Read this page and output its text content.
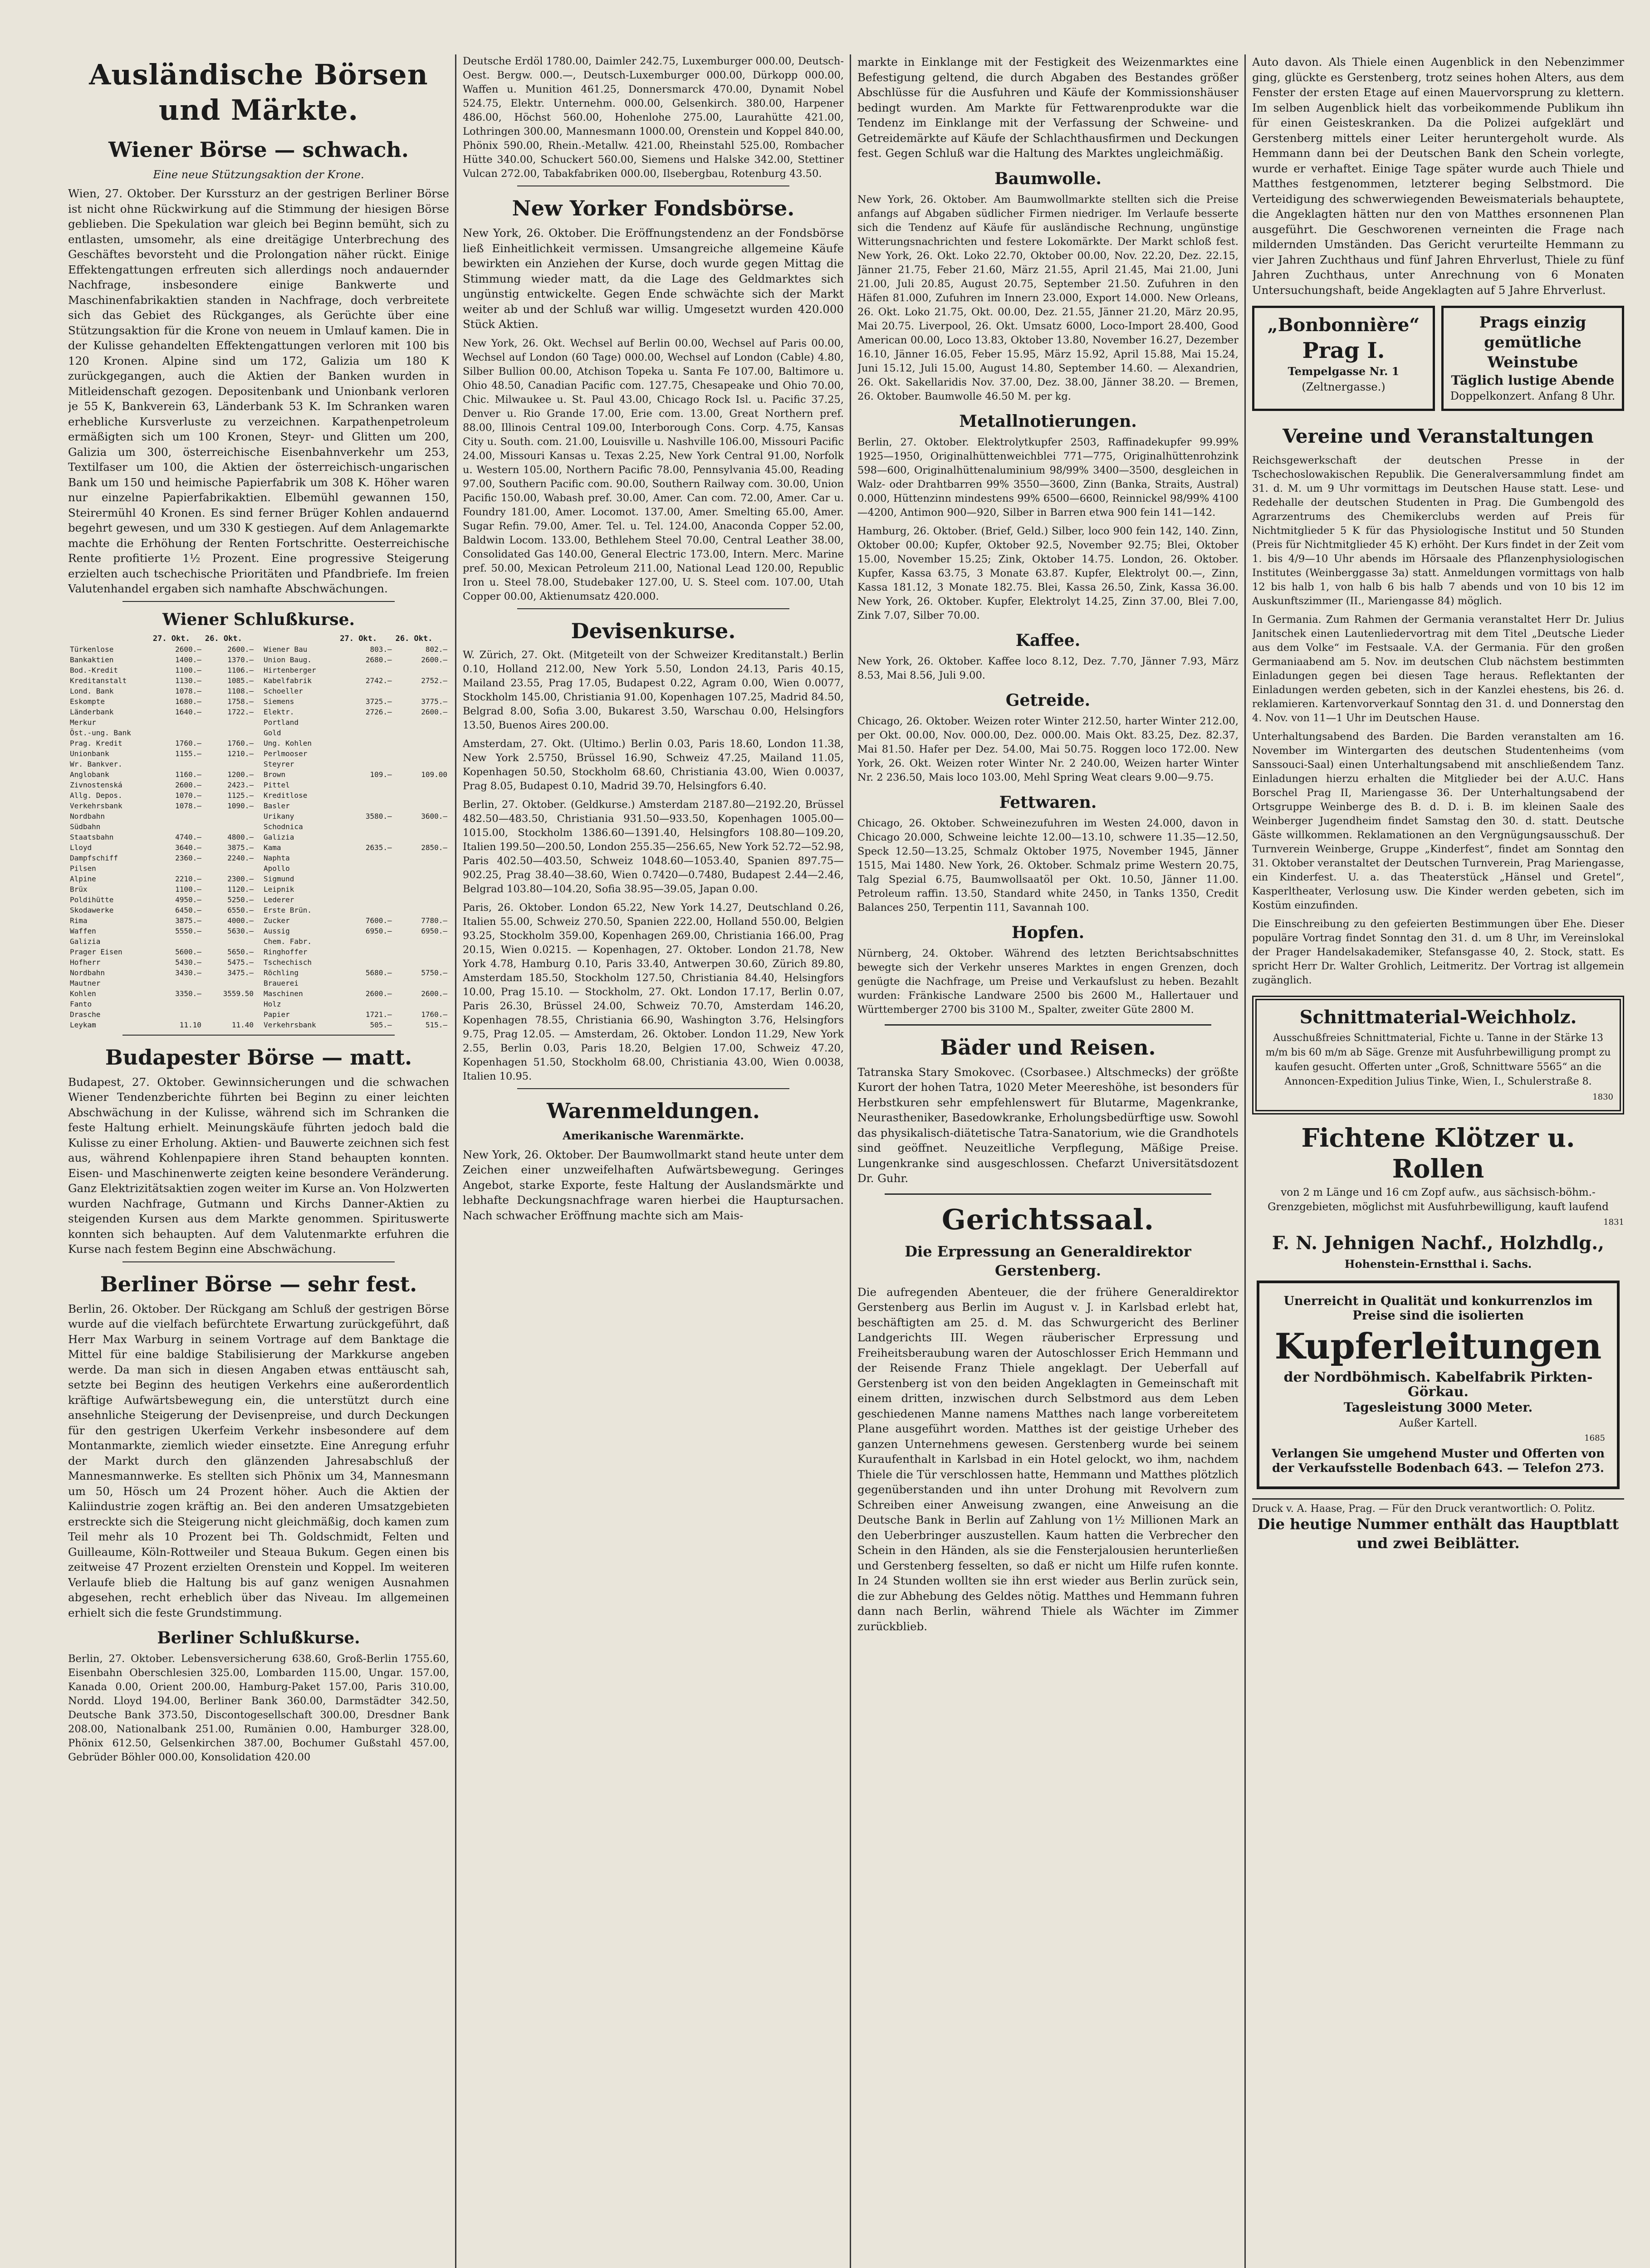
Ausländische Börsen und Märkte.
Wiener Börse — schwach.
Eine neue Stützungsaktion der Krone.

Wien, 27. Oktober. Der Kurssturz an der gestrigen Berliner Börse ist nicht ohne Rückwirkung auf die Stimmung der hiesigen Börse geblieben. Die Spekulation war gleich bei Beginn bemüht, sich zu entlasten, umsomehr, als eine dreitägige Unterbrechung des Geschäftes bevorsteht und die Prolongation näher rückt. Einige Effektengattungen erfreuten sich allerdings noch andauernder Nachfrage, insbesondere einige Bankwerte und Maschinenfabrikaktien standen in Nachfrage, doch verbreitete sich das Gebiet des Rückganges, als Gerüchte über eine Stützungsaktion für die Krone von neuem in Umlauf kamen. Die in der Kulisse gehandelten Effektengattungen verloren mit 100 bis 120 Kronen. Alpine sind um 172, Galizia um 180 K zurückgegangen, auch die Aktien der Banken wurden in Mitleidenschaft gezogen. Depositenbank und Unionbank verloren je 55 K, Bankverein 63, Länderbank 53 K. Im Schranken waren erhebliche Kursverluste zu verzeichnen. Karpathenpetroleum ermäßigten sich um 100 Kronen, Steyr- und Glitten um 200, Galizia um 300, österreichische Eisenbahnverkehr um 253, Textilfaser um 100, die Aktien der österreichisch-ungarischen Bank um 150 und heimische Papierfabrik um 308 K. Höher waren nur einzelne Papierfabrikaktien. Elbemühl gewannen 150, Steirermühl 40 Kronen. Es sind ferner Brüger Kohlen andauernd begehrt gewesen, und um 330 K gestiegen. Auf dem Anlagemarkte machte die Erhöhung der Renten Fortschritte. Oesterreichische Rente profitierte 1½ Prozent. Eine progressive Steigerung erzielten auch tschechische Prioritäten und Pfandbriefe. Im freien Valutenhandel ergaben sich namhafte Abschwächungen.

Wiener Schlußkurse.
	27. Okt.	26. Okt.
Türkenlose	2600.—	2600.—
Bankaktien	1400.—	1370.—
Bod.-Kredit	1100.—	1106.—
Kreditanstalt	1130.—	1085.—
Lond. Bank	1078.—	1108.—
Eskompte	1680.—	1758.—
Länderbank	1640.—	1722.—
Merkur		
Öst.-ung. Bank		
Prag. Kredit	1760.—	1760.—
Unionbank	1155.—	1210.—
Wr. Bankver.		
Anglobank	1160.—	1200.—
Zivnostenská	2600.—	2423.—
Allg. Depos.	1070.—	1125.—
Verkehrsbank	1078.—	1090.—
Nordbahn		
Südbahn		
Staatsbahn	4740.—	4800.—
Lloyd	3640.—	3875.—
Dampfschiff	2360.—	2240.—
Pilsen		
Alpine	2210.—	2300.—
Brüx	1100.—	1120.—
Poldihütte	4950.—	5250.—
Skodawerke	6450.—	6550.—
Rima	3875.—	4000.—
Waffen	5550.—	5630.—
Galizia		
Prager Eisen	5600.—	5650.—
Hofherr	5430.—	5475.—
Nordbahn	3430.—	3475.—
Mautner		
Kohlen	3350.—	3559.50
Fanto		
Drasche		
Leykam	11.10	11.40
	27. Okt.	26. Okt.
Wiener Bau	803.—	802.—
Union Baug.	2680.—	2600.—
Hirtenberger		
Kabelfabrik	2742.—	2752.—
Schoeller		
Siemens	3725.—	3775.—
Elektr.	2726.—	2600.—
Portland		
Gold		
Ung. Kohlen		
Perlmooser		
Steyrer		
Brown	109.—	109.00
Pittel		
Kreditlose		
Basler		
Urikany	3580.—	3600.—
Schodnica		
Galizia		
Kama	2635.—	2850.—
Naphta		
Apollo		
Sigmund		
Leipnik		
Lederer		
Erste Brün.		
Zucker	7600.—	7780.—
Aussig	6950.—	6950.—
Chem. Fabr.		
Ringhoffer		
Tschechisch		
Röchling	5680.—	5750.—
Brauerei		
Maschinen	2600.—	2600.—
Holz		
Papier	1721.—	1760.—
Verkehrsbank	505.—	515.—
Budapester Börse — matt.

Budapest, 27. Oktober. Gewinnsicherungen und die schwachen Wiener Tendenzberichte führten bei Beginn zu einer leichten Abschwächung in der Kulisse, während sich im Schranken die feste Haltung erhielt. Meinungskäufe führten jedoch bald die Kulisse zu einer Erholung. Aktien- und Bauwerte zeichnen sich fest aus, während Kohlenpapiere ihren Stand behaupten konnten. Eisen- und Maschinenwerte zeigten keine besondere Veränderung. Ganz Elektrizitätsaktien zogen weiter im Kurse an. Von Holzwerten wurden Nachfrage, Gutmann und Kirchs Danner-Aktien zu steigenden Kursen aus dem Markte genommen. Spirituswerte konnten sich behaupten. Auf dem Valutenmarkte erfuhren die Kurse nach festem Beginn eine Abschwächung.

Berliner Börse — sehr fest.

Berlin, 26. Oktober. Der Rückgang am Schluß der gestrigen Börse wurde auf die vielfach befürchtete Erwartung zurückgeführt, daß Herr Max Warburg in seinem Vortrage auf dem Banktage die Mittel für eine baldige Stabilisierung der Markkurse angeben werde. Da man sich in diesen Angaben etwas enttäuscht sah, setzte bei Beginn des heutigen Verkehrs eine außerordentlich kräftige Aufwärtsbewegung ein, die unterstützt durch eine ansehnliche Steigerung der Devisenpreise, und durch Deckungen für den gestrigen Ukerfeim Verkehr insbesondere auf dem Montanmarkte, ziemlich wieder einsetzte. Eine Anregung erfuhr der Markt durch den glänzenden Jahresabschluß der Mannesmannwerke. Es stellten sich Phönix um 34, Mannesmann um 50, Hösch um 24 Prozent höher. Auch die Aktien der Kaliindustrie zogen kräftig an. Bei den anderen Umsatzgebieten erstreckte sich die Steigerung nicht gleichmäßig, doch kamen zum Teil mehr als 10 Prozent bei Th. Goldschmidt, Felten und Guilleaume, Köln-Rottweiler und Steaua Bukum. Gegen einen bis zeitweise 47 Prozent erzielten Orenstein und Koppel. Im weiteren Verlaufe blieb die Haltung bis auf ganz wenigen Ausnahmen abgesehen, recht erheblich über das Niveau. Im allgemeinen erhielt sich die feste Grundstimmung.

Berliner Schlußkurse.

Berlin, 27. Oktober. Lebensversicherung 638.60, Groß-Berlin 1755.60, Eisenbahn Oberschlesien 325.00, Lombarden 115.00, Ungar. 157.00, Kanada 0.00, Orient 200.00, Hamburg-Paket 157.00, Paris 310.00, Nordd. Lloyd 194.00, Berliner Bank 360.00, Darmstädter 342.50, Deutsche Bank 373.50, Discontogesellschaft 300.00, Dresdner Bank 208.00, Nationalbank 251.00, Rumänien 0.00, Hamburger 328.00, Phönix 612.50, Gelsenkirchen 387.00, Bochumer Gußstahl 457.00, Gebrüder Böhler 000.00, Konsolidation 420.00

Deutsche Erdöl 1780.00, Daimler 242.75, Luxemburger 000.00, Deutsch-Oest. Bergw. 000.—, Deutsch-Luxemburger 000.00, Dürkopp 000.00, Waffen u. Munition 461.25, Donnersmarck 470.00, Dynamit Nobel 524.75, Elektr. Unternehm. 000.00, Gelsenkirch. 380.00, Harpener 486.00, Höchst 560.00, Hohenlohe 275.00, Laurahütte 421.00, Lothringen 300.00, Mannesmann 1000.00, Orenstein und Koppel 840.00, Phönix 590.00, Rhein.-Metallw. 421.00, Rheinstahl 525.00, Rombacher Hütte 340.00, Schuckert 560.00, Siemens und Halske 342.00, Stettiner Vulcan 272.00, Tabakfabriken 000.00, Ilsebergbau, Rotenburg 43.50.

New Yorker Fondsbörse.

New York, 26. Oktober. Die Eröffnungstendenz an der Fondsbörse ließ Einheitlichkeit vermissen. Umsangreiche allgemeine Käufe bewirkten ein Anziehen der Kurse, doch wurde gegen Mittag die Stimmung wieder matt, da die Lage des Geldmarktes sich ungünstig entwickelte. Gegen Ende schwächte sich der Markt weiter ab und der Schluß war willig. Umgesetzt wurden 420.000 Stück Aktien.

New York, 26. Okt. Wechsel auf Berlin 00.00, Wechsel auf Paris 00.00, Wechsel auf London (60 Tage) 000.00, Wechsel auf London (Cable) 4.80, Silber Bullion 00.00, Atchison Topeka u. Santa Fe 107.00, Baltimore u. Ohio 48.50, Canadian Pacific com. 127.75, Chesapeake und Ohio 70.00, Chic. Milwaukee u. St. Paul 43.00, Chicago Rock Isl. u. Pacific 37.25, Denver u. Rio Grande 17.00, Erie com. 13.00, Great Northern pref. 88.00, Illinois Central 109.00, Interborough Cons. Corp. 4.75, Kansas City u. South. com. 21.00, Louisville u. Nashville 106.00, Missouri Pacific 24.00, Missouri Kansas u. Texas 2.25, New York Central 91.00, Norfolk u. Western 105.00, Northern Pacific 78.00, Pennsylvania 45.00, Reading 97.00, Southern Pacific com. 90.00, Southern Railway com. 30.00, Union Pacific 150.00, Wabash pref. 30.00, Amer. Can com. 72.00, Amer. Car u. Foundry 181.00, Amer. Locomot. 137.00, Amer. Smelting 65.00, Amer. Sugar Refin. 79.00, Amer. Tel. u. Tel. 124.00, Anaconda Copper 52.00, Baldwin Locom. 133.00, Bethlehem Steel 70.00, Central Leather 38.00, Consolidated Gas 140.00, General Electric 173.00, Intern. Merc. Marine pref. 50.00, Mexican Petroleum 211.00, National Lead 120.00, Republic Iron u. Steel 78.00, Studebaker 127.00, U. S. Steel com. 107.00, Utah Copper 00.00, Aktienumsatz 420.000.

Devisenkurse.

W. Zürich, 27. Okt. (Mitgeteilt von der Schweizer Kreditanstalt.) Berlin 0.10, Holland 212.00, New York 5.50, London 24.13, Paris 40.15, Mailand 23.55, Prag 17.05, Budapest 0.22, Agram 0.00, Wien 0.0077, Stockholm 145.00, Christiania 91.00, Kopenhagen 107.25, Madrid 84.50, Belgrad 8.00, Sofia 3.00, Bukarest 3.50, Warschau 0.00, Helsingfors 13.50, Buenos Aires 200.00.

Amsterdam, 27. Okt. (Ultimo.) Berlin 0.03, Paris 18.60, London 11.38, New York 2.5750, Brüssel 16.90, Schweiz 47.25, Mailand 11.05, Kopenhagen 50.50, Stockholm 68.60, Christiania 43.00, Wien 0.0037, Prag 8.05, Budapest 0.10, Madrid 39.70, Helsingfors 6.40.

Berlin, 27. Oktober. (Geldkurse.) Amsterdam 2187.80—2192.20, Brüssel 482.50—483.50, Christiania 931.50—933.50, Kopenhagen 1005.00—1015.00, Stockholm 1386.60—1391.40, Helsingfors 108.80—109.20, Italien 199.50—200.50, London 255.35—256.65, New York 52.72—52.98, Paris 402.50—403.50, Schweiz 1048.60—1053.40, Spanien 897.75—902.25, Prag 38.40—38.60, Wien 0.7420—0.7480, Budapest 2.44—2.46, Belgrad 103.80—104.20, Sofia 38.95—39.05, Japan 0.00.

Paris, 26. Oktober. London 65.22, New York 14.27, Deutschland 0.26, Italien 55.00, Schweiz 270.50, Spanien 222.00, Holland 550.00, Belgien 93.25, Stockholm 359.00, Kopenhagen 269.00, Christiania 166.00, Prag 20.15, Wien 0.0215. — Kopenhagen, 27. Oktober. London 21.78, New York 4.78, Hamburg 0.10, Paris 33.40, Antwerpen 30.60, Zürich 89.80, Amsterdam 185.50, Stockholm 127.50, Christiania 84.40, Helsingfors 10.00, Prag 15.10. — Stockholm, 27. Okt. London 17.17, Berlin 0.07, Paris 26.30, Brüssel 24.00, Schweiz 70.70, Amsterdam 146.20, Kopenhagen 78.55, Christiania 66.90, Washington 3.76, Helsingfors 9.75, Prag 12.05. — Amsterdam, 26. Oktober. London 11.29, New York 2.55, Berlin 0.03, Paris 18.20, Belgien 17.00, Schweiz 47.20, Kopenhagen 51.50, Stockholm 68.00, Christiania 43.00, Wien 0.0038, Italien 10.95.

Warenmeldungen.
Amerikanische Warenmärkte.

New York, 26. Oktober. Der Baumwollmarkt stand heute unter dem Zeichen einer unzweifelhaften Aufwärtsbewegung. Geringes Angebot, starke Exporte, feste Haltung der Auslandsmärkte und lebhafte Deckungsnachfrage waren hierbei die Hauptursachen. Nach schwacher Eröffnung machte sich am Mais-

markte in Einklange mit der Festigkeit des Weizenmarktes eine Befestigung geltend, die durch Abgaben des Bestandes größer Abschlüsse für die Ausfuhren und Käufe der Kommissionshäuser bedingt wurden. Am Markte für Fettwarenprodukte war die Tendenz im Einklange mit der Verfassung der Schweine- und Getreidemärkte auf Käufe der Schlachthausfirmen und Deckungen fest. Gegen Schluß war die Haltung des Marktes ungleichmäßig.

Baumwolle.

New York, 26. Oktober. Am Baumwollmarkte stellten sich die Preise anfangs auf Abgaben südlicher Firmen niedriger. Im Verlaufe besserte sich die Tendenz auf Käufe für ausländische Rechnung, ungünstige Witterungsnachrichten und festere Lokomärkte. Der Markt schloß fest. New York, 26. Okt. Loko 22.70, Oktober 00.00, Nov. 22.20, Dez. 22.15, Jänner 21.75, Feber 21.60, März 21.55, April 21.45, Mai 21.00, Juni 21.00, Juli 20.85, August 20.75, September 21.50. Zufuhren in den Häfen 81.000, Zufuhren im Innern 23.000, Export 14.000. New Orleans, 26. Okt. Loko 21.75, Okt. 00.00, Dez. 21.55, Jänner 21.20, März 20.95, Mai 20.75. Liverpool, 26. Okt. Umsatz 6000, Loco-Import 28.400, Good American 00.00, Loco 13.83, Oktober 13.80, November 16.27, Dezember 16.10, Jänner 16.05, Feber 15.95, März 15.92, April 15.88, Mai 15.24, Juni 15.12, Juli 15.00, August 14.80, September 14.60. — Alexandrien, 26. Okt. Sakellaridis Nov. 37.00, Dez. 38.00, Jänner 38.20. — Bremen, 26. Oktober. Baumwolle 46.50 M. per kg.

Metallnotierungen.

Berlin, 27. Oktober. Elektrolytkupfer 2503, Raffinadekupfer 99.99% 1925—1950, Originalhüttenweichblei 771—775, Originalhüttenrohzink 598—600, Originalhüttenaluminium 98/99% 3400—3500, desgleichen in Walz- oder Drahtbarren 99% 3550—3600, Zinn (Banka, Straits, Austral) 0.000, Hüttenzinn mindestens 99% 6500—6600, Reinnickel 98/99% 4100—4200, Antimon 900—920, Silber in Barren etwa 900 fein 141—142.

Hamburg, 26. Oktober. (Brief, Geld.) Silber, loco 900 fein 142, 140. Zinn, Oktober 00.00; Kupfer, Oktober 92.5, November 92.75; Blei, Oktober 15.00, November 15.25; Zink, Oktober 14.75. London, 26. Oktober. Kupfer, Kassa 63.75, 3 Monate 63.87. Kupfer, Elektrolyt 00.—, Zinn, Kassa 181.12, 3 Monate 182.75. Blei, Kassa 26.50, Zink, Kassa 36.00. New York, 26. Oktober. Kupfer, Elektrolyt 14.25, Zinn 37.00, Blei 7.00, Zink 7.07, Silber 70.00.

Kaffee.

New York, 26. Oktober. Kaffee loco 8.12, Dez. 7.70, Jänner 7.93, März 8.53, Mai 8.56, Juli 9.00.

Getreide.

Chicago, 26. Oktober. Weizen roter Winter 212.50, harter Winter 212.00, per Okt. 00.00, Nov. 000.00, Dez. 000.00. Mais Okt. 83.25, Dez. 82.37, Mai 81.50. Hafer per Dez. 54.00, Mai 50.75. Roggen loco 172.00. New York, 26. Okt. Weizen roter Winter Nr. 2 240.00, Weizen harter Winter Nr. 2 236.50, Mais loco 103.00, Mehl Spring Weat clears 9.00—9.75.

Fettwaren.

Chicago, 26. Oktober. Schweinezufuhren im Westen 24.000, davon in Chicago 20.000, Schweine leichte 12.00—13.10, schwere 11.35—12.50, Speck 12.50—13.25, Schmalz Oktober 1975, November 1945, Jänner 1515, Mai 1480. New York, 26. Oktober. Schmalz prime Western 20.75, Talg Spezial 6.75, Baumwollsaatöl per Okt. 10.50, Jänner 11.00. Petroleum raffin. 13.50, Standard white 2450, in Tanks 1350, Credit Balances 250, Terpentin 111, Savannah 100.

Hopfen.

Nürnberg, 24. Oktober. Während des letzten Berichtsabschnittes bewegte sich der Verkehr unseres Marktes in engen Grenzen, doch genügte die Nachfrage, um Preise und Verkaufslust zu heben. Bezahlt wurden: Fränkische Landware 2500 bis 2600 M., Hallertauer und Württemberger 2700 bis 3100 M., Spalter, zweiter Güte 2800 M.

Bäder und Reisen.

Tatranska Stary Smokovec. (Csorbasee.) Altschmecks) der größte Kurort der hohen Tatra, 1020 Meter Meereshöhe, ist besonders für Herbstkuren sehr empfehlenswert für Blutarme, Magenkranke, Neurastheniker, Basedowkranke, Erholungsbedürftige usw. Sowohl das physikalisch-diätetische Tatra-Sanatorium, wie die Grandhotels sind geöffnet. Neuzeitliche Verpflegung, Mäßige Preise. Lungenkranke sind ausgeschlossen. Chefarzt Universitätsdozent Dr. Guhr.

Gerichtssaal.
Die Erpressung an Generaldirektor Gerstenberg.

Die aufregenden Abenteuer, die der frühere Generaldirektor Gerstenberg aus Berlin im August v. J. in Karlsbad erlebt hat, beschäftigten am 25. d. M. das Schwurgericht des Berliner Landgerichts III. Wegen räuberischer Erpressung und Freiheitsberaubung waren der Autoschlosser Erich Hemmann und der Reisende Franz Thiele angeklagt. Der Ueberfall auf Gerstenberg ist von den beiden Angeklagten in Gemeinschaft mit einem dritten, inzwischen durch Selbstmord aus dem Leben geschiedenen Manne namens Matthes nach lange vorbereitetem Plane ausgeführt worden. Matthes ist der geistige Urheber des ganzen Unternehmens gewesen. Gerstenberg wurde bei seinem Kuraufenthalt in Karlsbad in ein Hotel gelockt, wo ihm, nachdem Thiele die Tür verschlossen hatte, Hemmann und Matthes plötzlich gegenüberstanden und ihn unter Drohung mit Revolvern zum Schreiben einer Anweisung zwangen, eine Anweisung an die Deutsche Bank in Berlin auf Zahlung von 1½ Millionen Mark an den Ueberbringer auszustellen. Kaum hatten die Verbrecher den Schein in den Händen, als sie die Fensterjalousien herunterließen und Gerstenberg fesselten, so daß er nicht um Hilfe rufen konnte. In 24 Stunden wollten sie ihn erst wieder aus Berlin zurück sein, die zur Abhebung des Geldes nötig. Matthes und Hemmann fuhren dann nach Berlin, während Thiele als Wächter im Zimmer zurückblieb.

Auto davon. Als Thiele einen Augenblick in den Nebenzimmer ging, glückte es Gerstenberg, trotz seines hohen Alters, aus dem Fenster der ersten Etage auf einen Mauervorsprung zu klettern. Im selben Augenblick hielt das vorbeikommende Publikum ihn für einen Geisteskranken. Da die Polizei aufgeklärt und Gerstenberg mittels einer Leiter heruntergeholt wurde. Als Hemmann dann bei der Deutschen Bank den Schein vorlegte, wurde er verhaftet. Einige Tage später wurde auch Thiele und Matthes festgenommen, letzterer beging Selbstmord. Die Verteidigung des schwerwiegenden Beweismaterials behauptete, die Angeklagten hätten nur den von Matthes ersonnenen Plan ausgeführt. Die Geschworenen verneinten die Frage nach mildernden Umständen. Das Gericht verurteilte Hemmann zu vier Jahren Zuchthaus und fünf Jahren Ehrverlust, Thiele zu fünf Jahren Zuchthaus, unter Anrechnung von 6 Monaten Untersuchungshaft, beide Angeklagten auf 5 Jahre Ehrverlust.

„Bonbonnière“
Prag I.
Tempelgasse Nr. 1
(Zeltnergasse.)
Prags einzig gemütliche Weinstube
Täglich lustige Abende
Doppelkonzert. Anfang 8 Uhr.
Vereine und Veranstaltungen

Reichsgewerkschaft der deutschen Presse in der Tschechoslowakischen Republik. Die Generalversammlung findet am 31. d. M. um 9 Uhr vormittags im Deutschen Hause statt. Lese- und Redehalle der deutschen Studenten in Prag. Die Gumbengold des Agrarzentrums des Chemikerclubs werden auf Preis für Nichtmitglieder 5 K für das Physiologische Institut und 50 Stunden (Preis für Nichtmitglieder 45 K) erhöht. Der Kurs findet in der Zeit vom 1. bis 4/9—10 Uhr abends im Hörsaale des Pflanzenphysiologischen Institutes (Weinberggasse 3a) statt. Anmeldungen vormittags von halb 12 bis halb 1, von halb 6 bis halb 7 abends und von 10 bis 12 im Auskunftszimmer (II., Mariengasse 84) möglich.

In Germania. Zum Rahmen der Germania veranstaltet Herr Dr. Julius Janitschek einen Lautenliedervortrag mit dem Titel „Deutsche Lieder aus dem Volke“ im Festsaale. V.A. der Germania. Für den großen Germaniaabend am 5. Nov. im deutschen Club nächstem bestimmten Einladungen gegen bei diesen Tage heraus. Reflektanten der Einladungen werden gebeten, sich in der Kanzlei ehestens, bis 26. d. reklamieren. Kartenvorverkauf Sonntag den 31. d. und Donnerstag den 4. Nov. von 11—1 Uhr im Deutschen Hause.

Unterhaltungsabend des Barden. Die Barden veranstalten am 16. November im Wintergarten des deutschen Studentenheims (vom Sanssouci-Saal) einen Unterhaltungsabend mit anschließendem Tanz. Einladungen hierzu erhalten die Mitglieder bei der A.U.C. Hans Borschel Prag II, Mariengasse 36. Der Unterhaltungsabend der Ortsgruppe Weinberge des B. d. D. i. B. im kleinen Saale des Weinberger Jugendheim findet Samstag den 30. d. statt. Deutsche Gäste willkommen. Reklamationen an den Vergnügungsausschuß. Der Turnverein Weinberge, Gruppe „Kinderfest“, findet am Sonntag den 31. Oktober veranstaltet der Deutschen Turnverein, Prag Mariengasse, ein Kinderfest. U. a. das Theaterstück „Hänsel und Gretel“, Kasperltheater, Verlosung usw. Die Kinder werden gebeten, sich im Kostüm einzufinden.

Die Einschreibung zu den gefeierten Bestimmungen über Ehe. Dieser populäre Vortrag findet Sonntag den 31. d. um 8 Uhr, im Vereinslokal der Prager Handelsakademiker, Stefansgasse 40, 2. Stock, statt. Es spricht Herr Dr. Walter Grohlich, Leitmeritz. Der Vortrag ist allgemein zugänglich.

Schnittmaterial-Weichholz.
Ausschußfreies Schnittmaterial, Fichte u. Tanne in der Stärke 13 m/m bis 60 m/m ab Säge. Grenze mit Ausfuhrbewilligung prompt zu kaufen gesucht. Offerten unter „Groß, Schnittware 5565“ an die Annoncen-Expedition Julius Tinke, Wien, I., Schulerstraße 8.
1830
Fichtene Klötzer u. Rollen
von 2 m Länge und 16 cm Zopf aufw., aus sächsisch-böhm.-Grenzgebieten, möglichst mit Ausfuhrbewilligung, kauft laufend
1831
F. N. Jehnigen Nachf., Holzhdlg.,
Hohenstein-Ernstthal i. Sachs.
Unerreicht in Qualität und konkurrenzlos im Preise sind die isolierten
Kupferleitungen
der Nordböhmisch. Kabelfabrik Pirkten-Görkau.
Tagesleistung 3000 Meter.
Außer Kartell.
1685
Verlangen Sie umgehend Muster und Offerten von der Verkaufsstelle Bodenbach 643. — Telefon 273.
Druck v. A. Haase, Prag. — Für den Druck verantwortlich: O. Politz.
Die heutige Nummer enthält das Hauptblatt und zwei Beiblätter.
